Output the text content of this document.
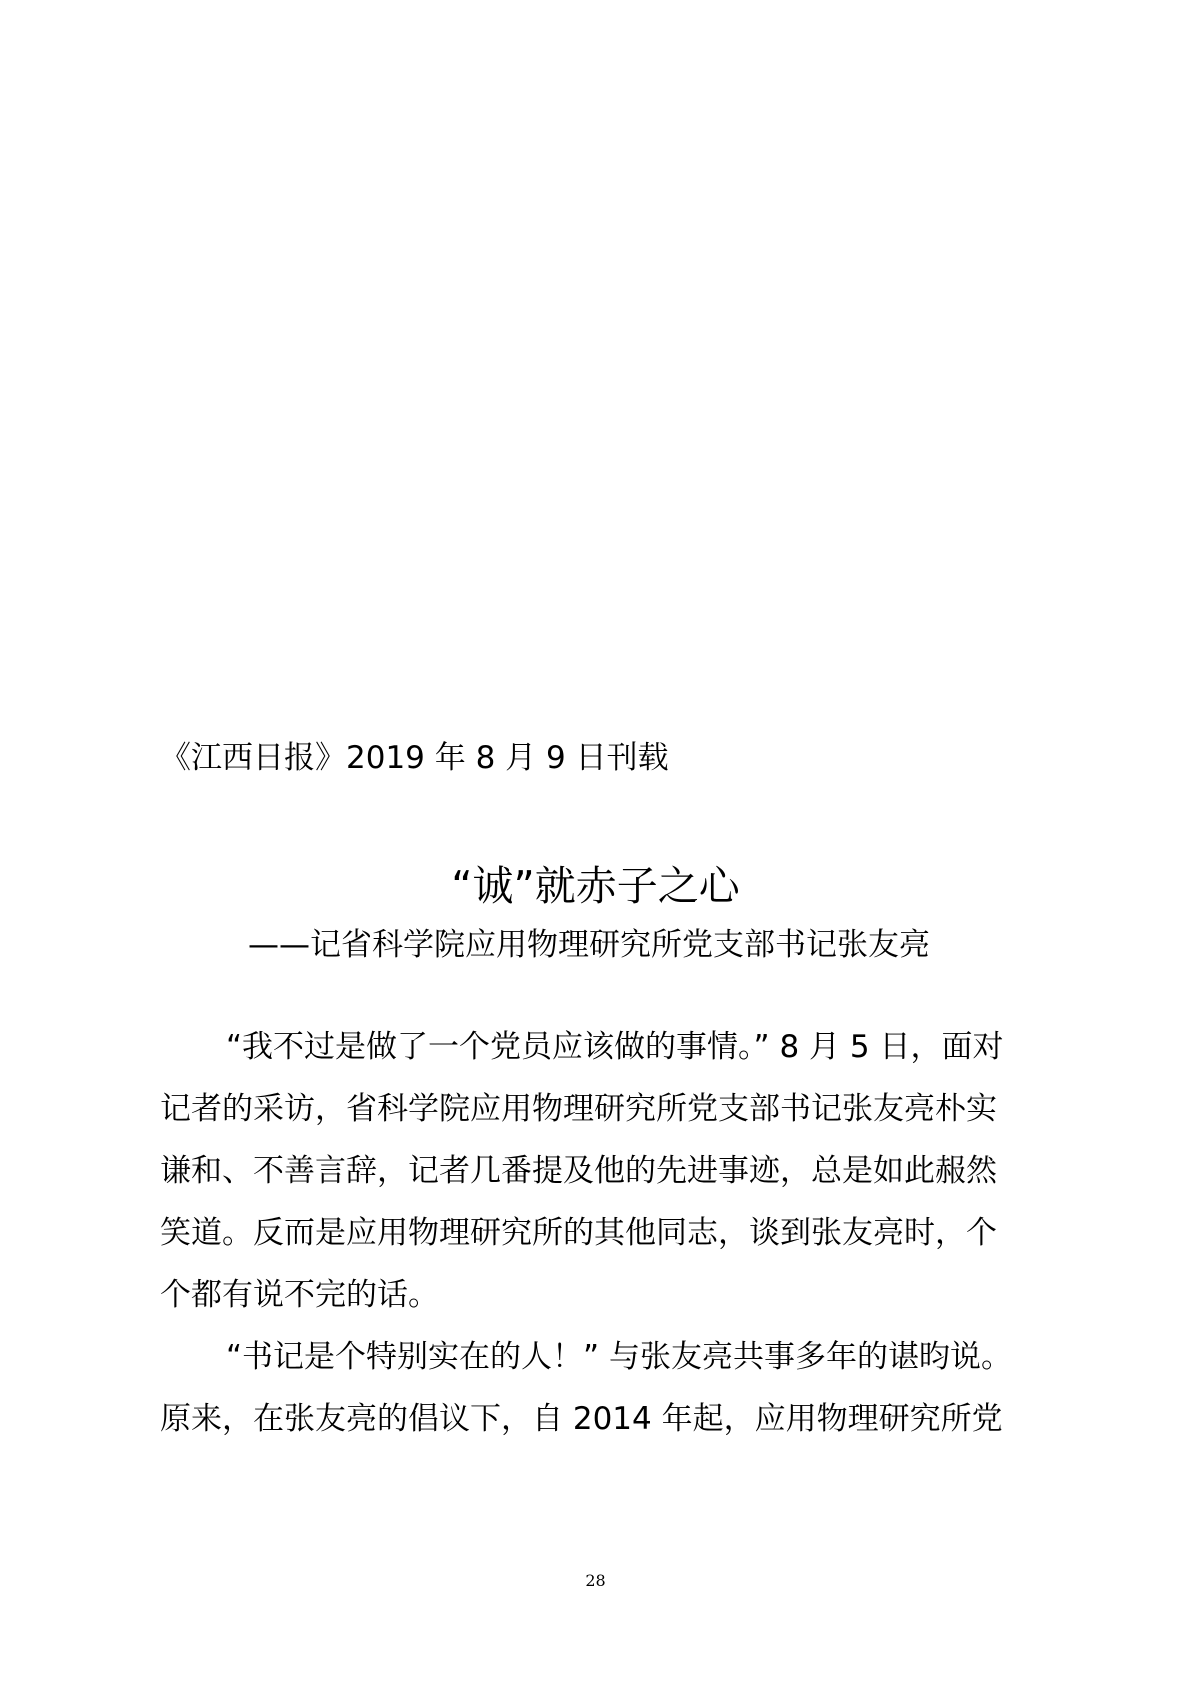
《江西日报》2019 年 8 月 9 日刊载
“诚”就赤子之心
——记省科学院应用物理研究所党支部书记张友亮
“我不过是做了一个党员应该做的事情。” 8 月 5 日，面对
记者的采访，省科学院应用物理研究所党支部书记张友亮朴实
谦和、不善言辞，记者几番提及他的先进事迹，总是如此赧然
笑道。反而是应用物理研究所的其他同志，谈到张友亮时，个
个都有说不完的话。
“书记是个特别实在的人！” 与张友亮共事多年的谌昀说。
原来，在张友亮的倡议下，自 2014 年起，应用物理研究所党
28
